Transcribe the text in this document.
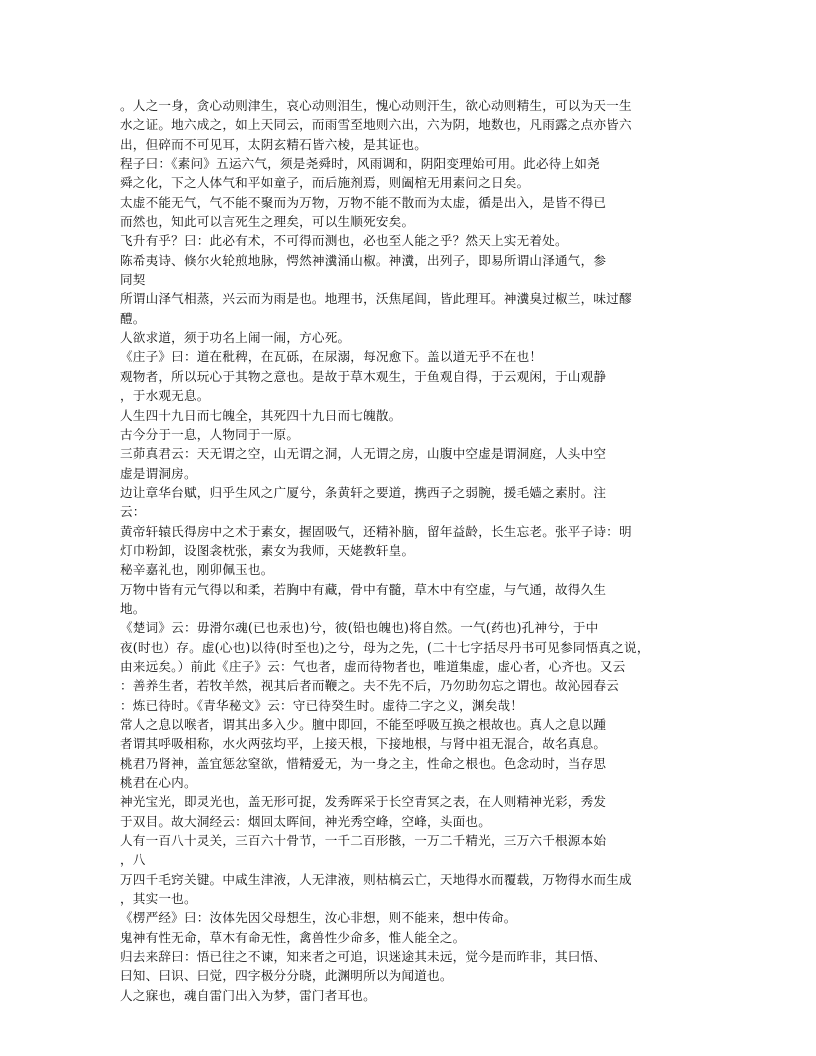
。人之一身，贪心动则津生，哀心动则泪生，愧心动则汗生，欲心动则精生，可以为天一生
水之证。地六成之，如上天同云，而雨雪至地则六出，六为阴，地数也，凡雨露之点亦皆六
出，但碎而不可见耳，太阴玄精石皆六棱，是其证也。
程子曰：《素问》五运六气，须是尧舜时，风雨调和，阴阳变理始可用。此必待上如尧
舜之化，下之人体气和平如童子，而后施剂焉，则阖棺无用素问之日矣。
太虚不能无气，气不能不聚而为万物，万物不能不散而为太虚，循是出入，是皆不得已
而然也，知此可以言死生之理矣，可以生顺死安矣。
飞升有乎？曰：此必有术，不可得而测也，必也至人能之乎？然天上实无着处。
陈希夷诗、倏尔火轮煎地脉，愕然神瀵涌山椒。神瀵，出列子，即易所谓山泽通气，参
同契
所谓山泽气相蒸，兴云而为雨是也。地理书，沃焦尾闾，皆此理耳。神瀵臭过椒兰，味过醪
醴。
人欲求道，须于功名上闹一闹，方心死。
《庄子》曰：道在秕稗，在瓦砾，在尿溺，每况愈下。盖以道无乎不在也！
观物者，所以玩心于其物之意也。是故于草木观生，于鱼观自得，于云观闲，于山观静
，于水观无息。
人生四十九日而七魄全，其死四十九日而七魄散。
古今分于一息，人物同于一原。
三茆真君云：天无谓之空，山无谓之洞，人无谓之房，山腹中空虚是谓洞庭，人头中空
虚是谓洞房。
边让章华台赋，归乎生风之广厦兮，条黄轩之要道，携西子之弱腕，援毛嫱之素肘。注
云：
黄帝轩辕氏得房中之术于素女，握固吸气，还精补脑，留年益龄，长生忘老。张平子诗：明
灯巾粉卸，设图衾枕张，素女为我师，天姥教轩皇。
秘辛嘉礼也，刚卯佩玉也。
万物中皆有元气得以和柔，若胸中有藏，骨中有髓，草木中有空虚，与气通，故得久生
地。
《楚词》云：毋滑尔魂(已也汞也)兮，彼(铅也魄也)将自然。一气(药也)孔神兮，于中
夜(时也）存。虚(心也)以待(时至也)之兮，母为之先，(二十七字括尽丹书可见参同悟真之说，
由来远矣。）前此《庄子》云：气也者，虚而待物者也，唯道集虚，虚心者，心齐也。又云
：善养生者，若牧羊然，视其后者而鞭之。夫不先不后，乃勿助勿忘之谓也。故沁园春云
：炼已待时。《青华秘文》云：守已待癸生时。虚待二字之义，渊矣哉！
常人之息以喉者，谓其出多入少。膻中即回，不能至呼吸互换之根故也。真人之息以踵
者谓其呼吸相称，水火两弦均平，上接天根，下接地根，与肾中祖无混合，故名真息。
桃君乃肾神，盖宜惩忿窒欲，惜精爱无，为一身之主，性命之根也。色念动时，当存思
桃君在心内。
神光宝光，即灵光也，盖无形可捉，发秀晖采于长空青冥之表，在人则精神光彩，秀发
于双目。故大洞经云：烟回太晖间，神光秀空峰，空峰，头面也。
人有一百八十灵关，三百六十骨节，一千二百形骸，一万二千精光，三万六千根源本始
，八
万四千毛窍关键。中咸生津液，人无津液，则枯槁云亡，天地得水而覆载，万物得水而生成
，其实一也。
《楞严经》曰：汝体先因父母想生，汝心非想，则不能来，想中传命。
鬼神有性无命，草木有命无性，禽兽性少命多，惟人能全之。
归去来辞曰：悟已往之不谏，知来者之可追，识迷途其未远，觉今是而昨非，其曰悟、
曰知、曰识、曰觉，四字极分分晓，此渊明所以为闻道也。
人之寐也，魂自雷门出入为梦，雷门者耳也。
